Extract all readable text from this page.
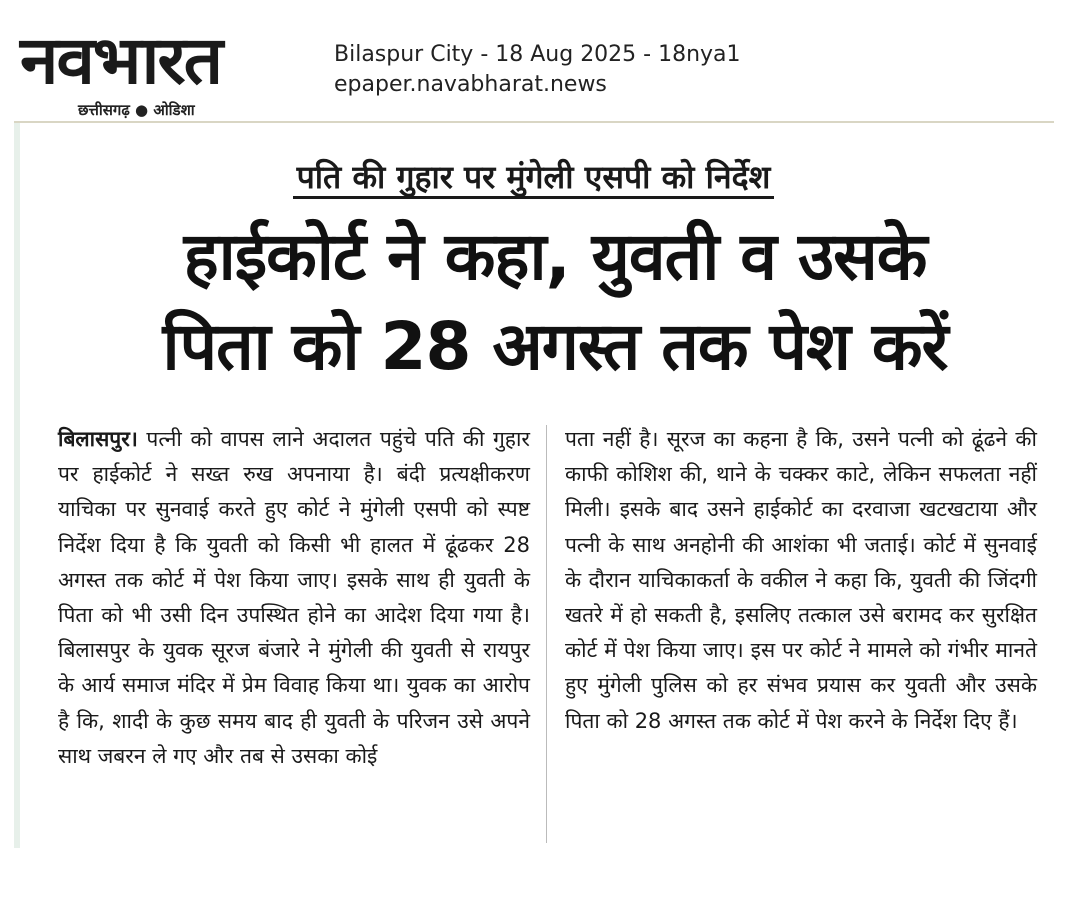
नवभारत
छत्तीसगढ़ ● ओडिशा
Bilaspur City - 18 Aug 2025 - 18nya1
epaper.navabharat.news
पति की गुहार पर मुंगेली एसपी को निर्देश
हाईकोर्ट ने कहा, युवती व उसके
पिता को 28 अगस्त तक पेश करें
बिलासपुर। पत्नी को वापस लाने अदालत पहुंचे पति की गुहार पर हाईकोर्ट ने सख्त रुख अपनाया है। बंदी प्रत्यक्षीकरण याचिका पर सुनवाई करते हुए कोर्ट ने मुंगेली एसपी को स्पष्ट निर्देश दिया है कि युवती को किसी भी हालत में ढूंढकर 28 अगस्त तक कोर्ट में पेश किया जाए। इसके साथ ही युवती के पिता को भी उसी दिन उपस्थित होने का आदेश दिया गया है। बिलासपुर के युवक सूरज बंजारे ने मुंगेली की युवती से रायपुर के आर्य समाज मंदिर में प्रेम विवाह किया था। युवक का आरोप है कि, शादी के कुछ समय बाद ही युवती के परिजन उसे अपने साथ जबरन ले गए और तब से उसका कोई
पता नहीं है। सूरज का कहना है कि, उसने पत्नी को ढूंढने की काफी कोशिश की, थाने के चक्कर काटे, लेकिन सफलता नहीं मिली। इसके बाद उसने हाईकोर्ट का दरवाजा खटखटाया और पत्नी के साथ अनहोनी की आशंका भी जताई। कोर्ट में सुनवाई के दौरान याचिकाकर्ता के वकील ने कहा कि, युवती की जिंदगी खतरे में हो सकती है, इसलिए तत्काल उसे बरामद कर सुरक्षित कोर्ट में पेश किया जाए। इस पर कोर्ट ने मामले को गंभीर मानते हुए मुंगेली पुलिस को हर संभव प्रयास कर युवती और उसके पिता को 28 अगस्त तक कोर्ट में पेश करने के निर्देश दिए हैं।
